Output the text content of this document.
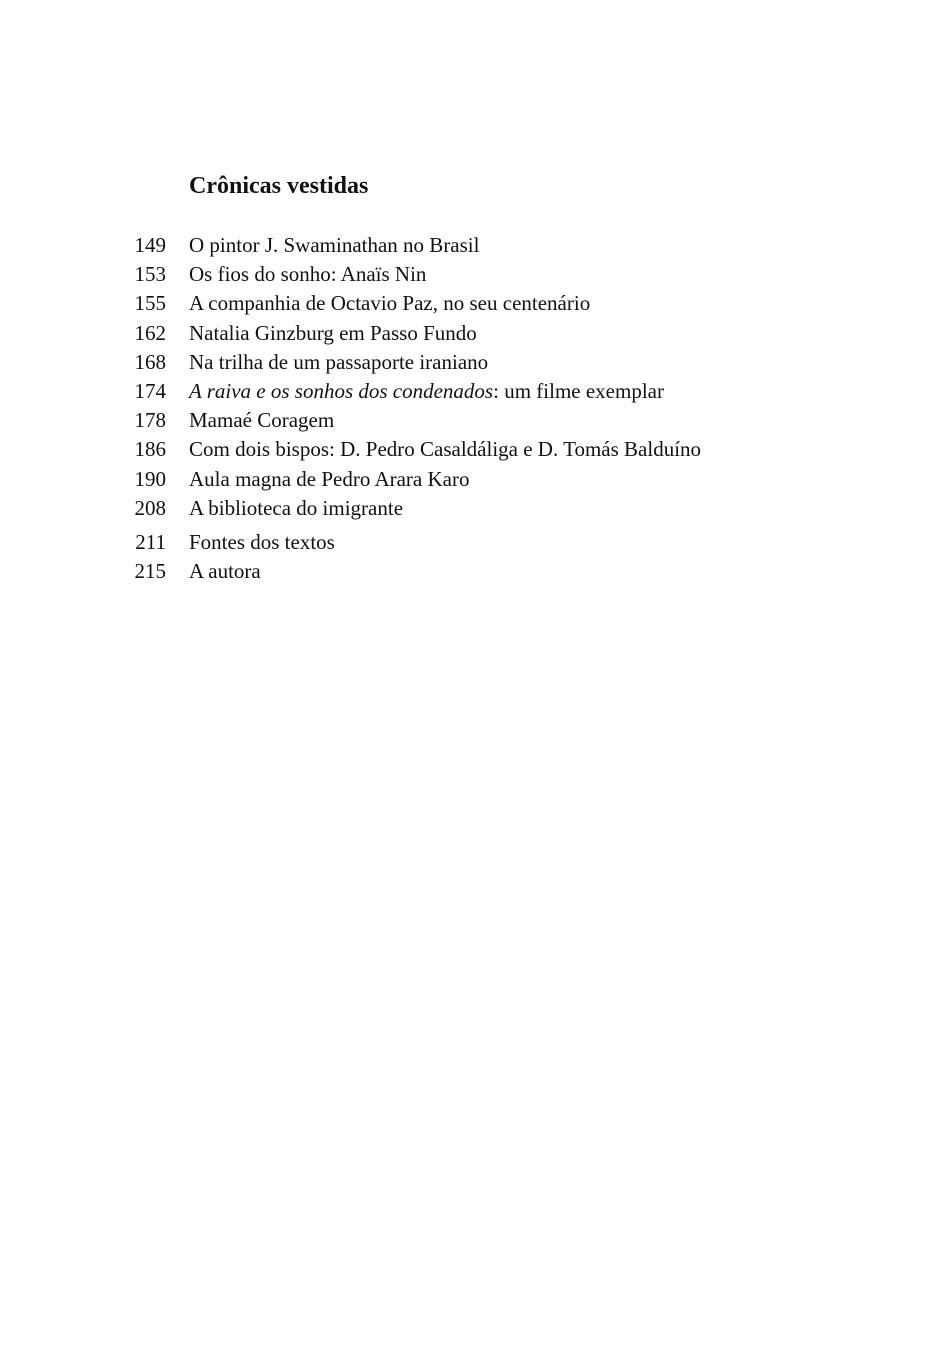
Crônicas vestidas
149 O pintor J. Swaminathan no Brasil
153 Os fios do sonho: Anaïs Nin
155 A companhia de Octavio Paz, no seu centenário
162 Natalia Ginzburg em Passo Fundo
168 Na trilha de um passaporte iraniano
174 A raiva e os sonhos dos condenados: um filme exemplar
178 Mamaé Coragem
186 Com dois bispos: D. Pedro Casaldáliga e D. Tomás Balduíno
190 Aula magna de Pedro Arara Karo
208 A biblioteca do imigrante
211 Fontes dos textos
215 A autora
